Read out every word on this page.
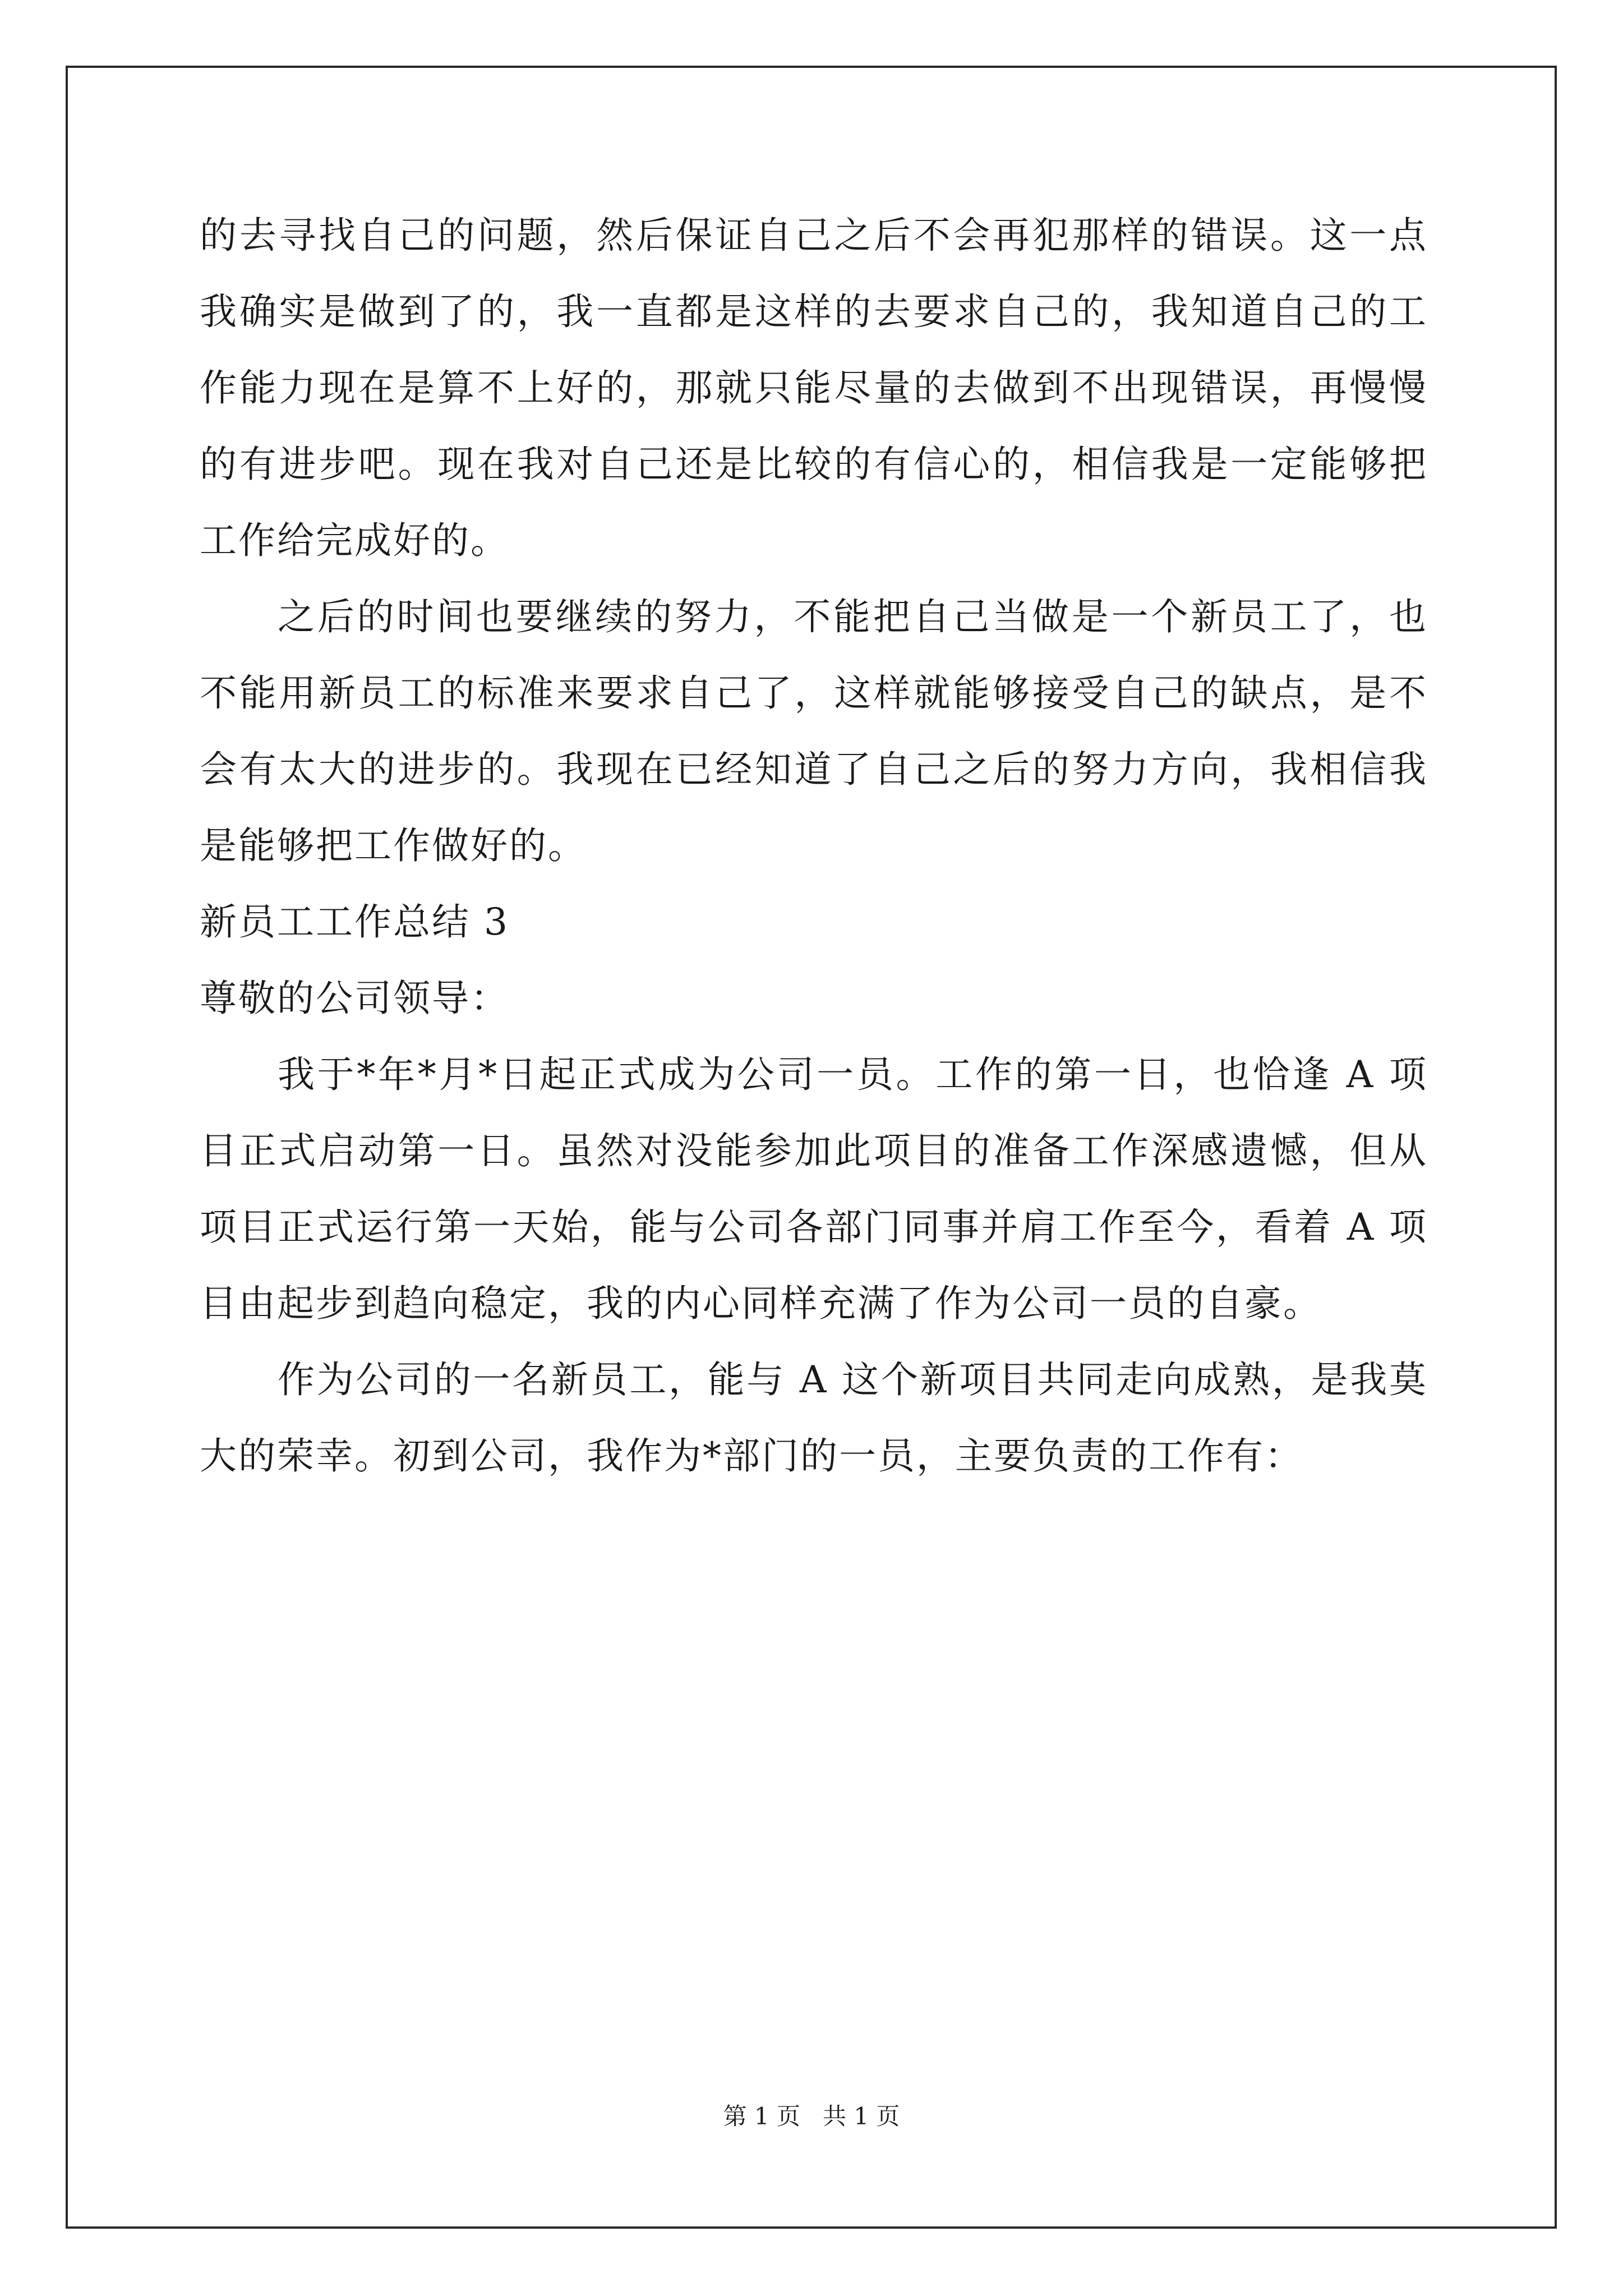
的去寻找自己的问题，然后保证自己之后不会再犯那样的错误。这一点我确实是做到了的，我一直都是这样的去要求自己的，我知道自己的工作能力现在是算不上好的，那就只能尽量的去做到不出现错误，再慢慢的有进步吧。现在我对自己还是比较的有信心的，相信我是一定能够把工作给完成好的。

之后的时间也要继续的努力，不能把自己当做是一个新员工了，也不能用新员工的标准来要求自己了，这样就能够接受自己的缺点，是不会有太大的进步的。我现在已经知道了自己之后的努力方向，我相信我是能够把工作做好的。

新员工工作总结 3

尊敬的公司领导：

我于*年*月*日起正式成为公司一员。工作的第一日，也恰逢 A 项目正式启动第一日。虽然对没能参加此项目的准备工作深感遗憾，但从项目正式运行第一天始，能与公司各部门同事并肩工作至今，看着 A 项目由起步到趋向稳定，我的内心同样充满了作为公司一员的自豪。

作为公司的一名新员工，能与 A 这个新项目共同走向成熟，是我莫大的荣幸。初到公司，我作为*部门的一员，主要负责的工作有：

第 1 页 共 1 页
